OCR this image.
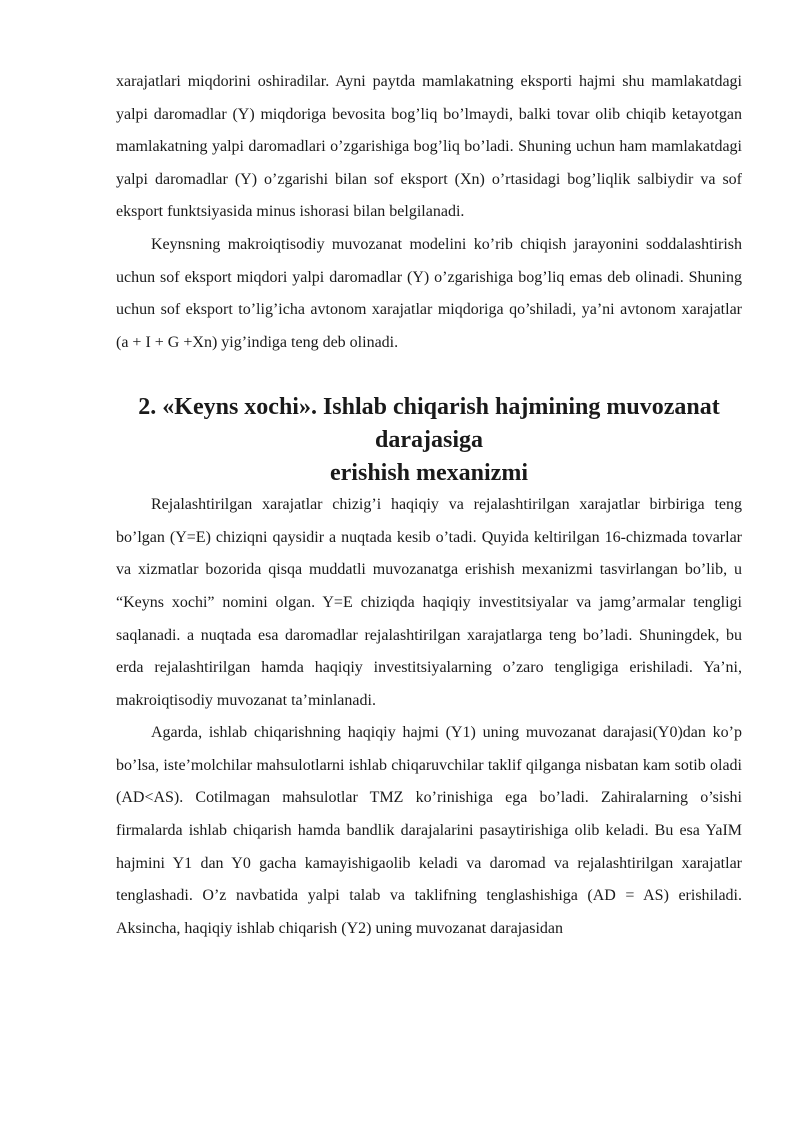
xarajatlari miqdorini oshiradilar. Ayni paytda mamlakatning eksporti hajmi shu mamlakatdagi yalpi daromadlar (Y) miqdoriga bevosita bog’liq bo’lmaydi, balki tovar olib chiqib ketayotgan mamlakatning yalpi daromadlari o’zgarishiga bog’liq bo’ladi. Shuning uchun ham mamlakatdagi yalpi daromadlar (Y) o’zgarishi bilan sof eksport (Xn) o’rtasidagi bog’liqlik salbiydir va sof eksport funktsiyasida minus ishorasi bilan belgilanadi.

Keynsning makroiqtisodiy muvozanat modelini ko’rib chiqish jarayonini soddalashtirish uchun sof eksport miqdori yalpi daromadlar (Y) o’zgarishiga bog’liq emas deb olinadi. Shuning uchun sof eksport to’lig’icha avtonom xarajatlar miqdoriga qo’shiladi, ya’ni avtonom xarajatlar (a + I + G +Xn) yig’indiga teng deb olinadi.

2. «Keyns xochi». Ishlab chiqarish hajmining muvozanat darajasiga
erishish mexanizmi

Rejalashtirilgan xarajatlar chizig’i haqiqiy va rejalashtirilgan xarajatlar birbiriga teng bo’lgan (Y=E) chiziqni qaysidir a nuqtada kesib o’tadi. Quyida keltirilgan 16-chizmada tovarlar va xizmatlar bozorida qisqa muddatli muvozanatga erishish mexanizmi tasvirlangan bo’lib, u “Keyns xochi” nomini olgan. Y=E chiziqda haqiqiy investitsiyalar va jamg’armalar tengligi saqlanadi. a nuqtada esa daromadlar rejalashtirilgan xarajatlarga teng bo’ladi. Shuningdek, bu erda rejalashtirilgan hamda haqiqiy investitsiyalarning o’zaro tengligiga erishiladi. Ya’ni, makroiqtisodiy muvozanat ta’minlanadi.

Agarda, ishlab chiqarishning haqiqiy hajmi (Y1) uning muvozanat darajasi(Y0)dan ko’p bo’lsa, iste’molchilar mahsulotlarni ishlab chiqaruvchilar taklif qilganga nisbatan kam sotib oladi (AD<AS). Cotilmagan mahsulotlar TMZ ko’rinishiga ega bo’ladi. Zahiralarning o’sishi firmalarda ishlab chiqarish hamda bandlik darajalarini pasaytirishiga olib keladi. Bu esa YaIM hajmini Y1 dan Y0 gacha kamayishigaolib keladi va daromad va rejalashtirilgan xarajatlar tenglashadi. O’z navbatida yalpi talab va taklifning tenglashishiga (AD = AS) erishiladi. Aksincha, haqiqiy ishlab chiqarish (Y2) uning muvozanat darajasidan
